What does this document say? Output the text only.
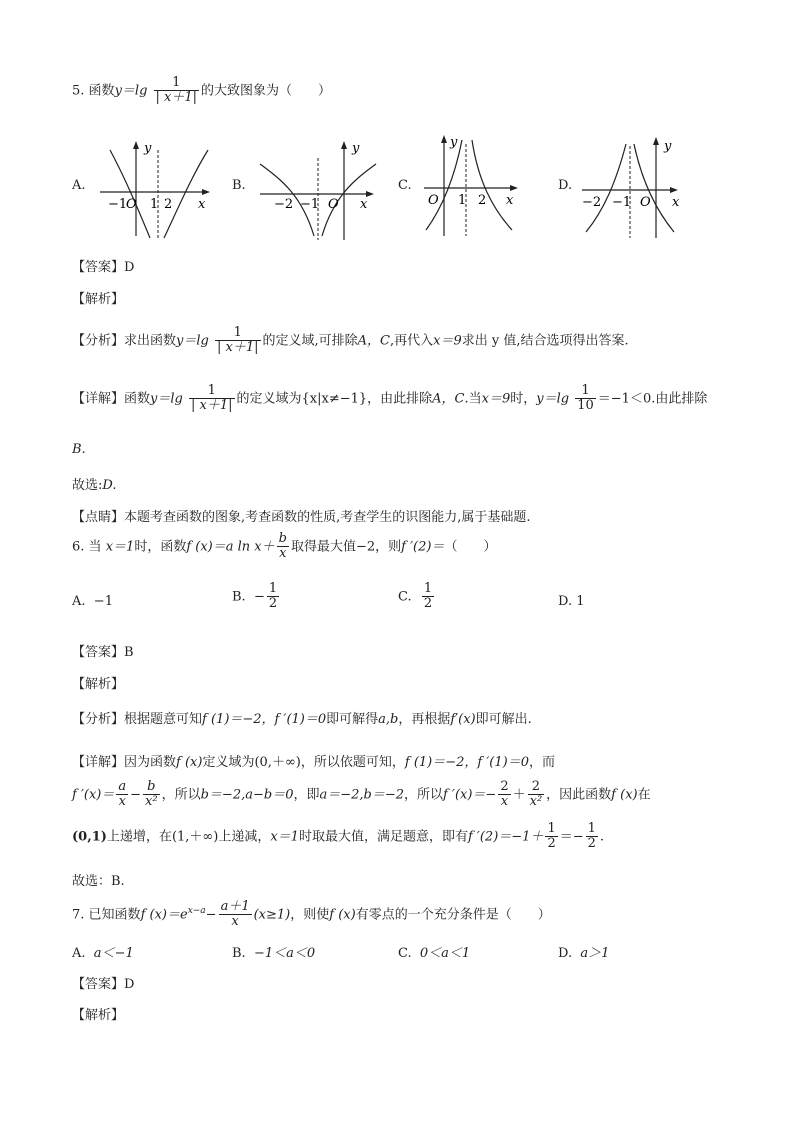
5. 函数$y=\lg \frac{1}{| x+1|}$ 的大致图象为（　　）
A.	B.	C.	D.
y
x
−1
O 1 2
y
x
−2 −1 O
y
x
O 1 2
y
x
−2 −1 O
【答案】D
【解析】
【分析】求出函数$y=\lg \frac{1}{| x+1|}$ 的定义域,可排除A，C,再代入x＝9求出 y 值,结合选项得出答案.
【详解】函数$y=\lg \frac{1}{| x+1|}$ 的定义域为{x|x≠−1}，由此排除A，C.当x＝9时，$y=\lg \frac{1}{10} =-1<0$.由此排除
B.
故选:D.
【点睛】本题考查函数的图象,考查函数的性质,考查学生的识图能力,属于基础题.
6. 当 x＝1时，函数f (x)＝a $\ln x+ \frac{b}{x}$ 取得最大值−2，则f ′(2)＝（　　）
A. −1	B. − $\frac{1}{2}$	C. $\frac{1}{2}$	D. 1
【答案】B
【解析】
【分析】根据题意可知f (1)＝−2，f ′(1)＝0即可解得a,b，再根据f′(x)即可解出.
【详解】因为函数f (x)定义域为(0,＋∞)，所以依题可知，f (1)＝−2，f ′(1)＝0，而
f $'(x)= \frac{a}{x} - \frac{b}{\text{x²}}$ ，所以b＝−2,a−b＝0，即a＝−2,b＝−2，所以f $'(x)=- \frac{2}{x} + \frac{2}{\text{x²}}$ ，因此函数f (x)在
(0,1)上递增，在(1,＋∞)上递减，x＝1时取最大值，满足题意，即有f $'(2)=-1+ \frac{1}{2} =- \frac{1}{2}$ .
故选：B.
7. 已知函数f $(x)=e^{x-a}- \frac{a+1}{x} (x\ge 1)$，则使f (x)有零点的一个充分条件是（　　）
A. a＜−1	B. −1＜a＜0	C. 0＜a＜1	D. a＞1
【答案】D
【解析】
